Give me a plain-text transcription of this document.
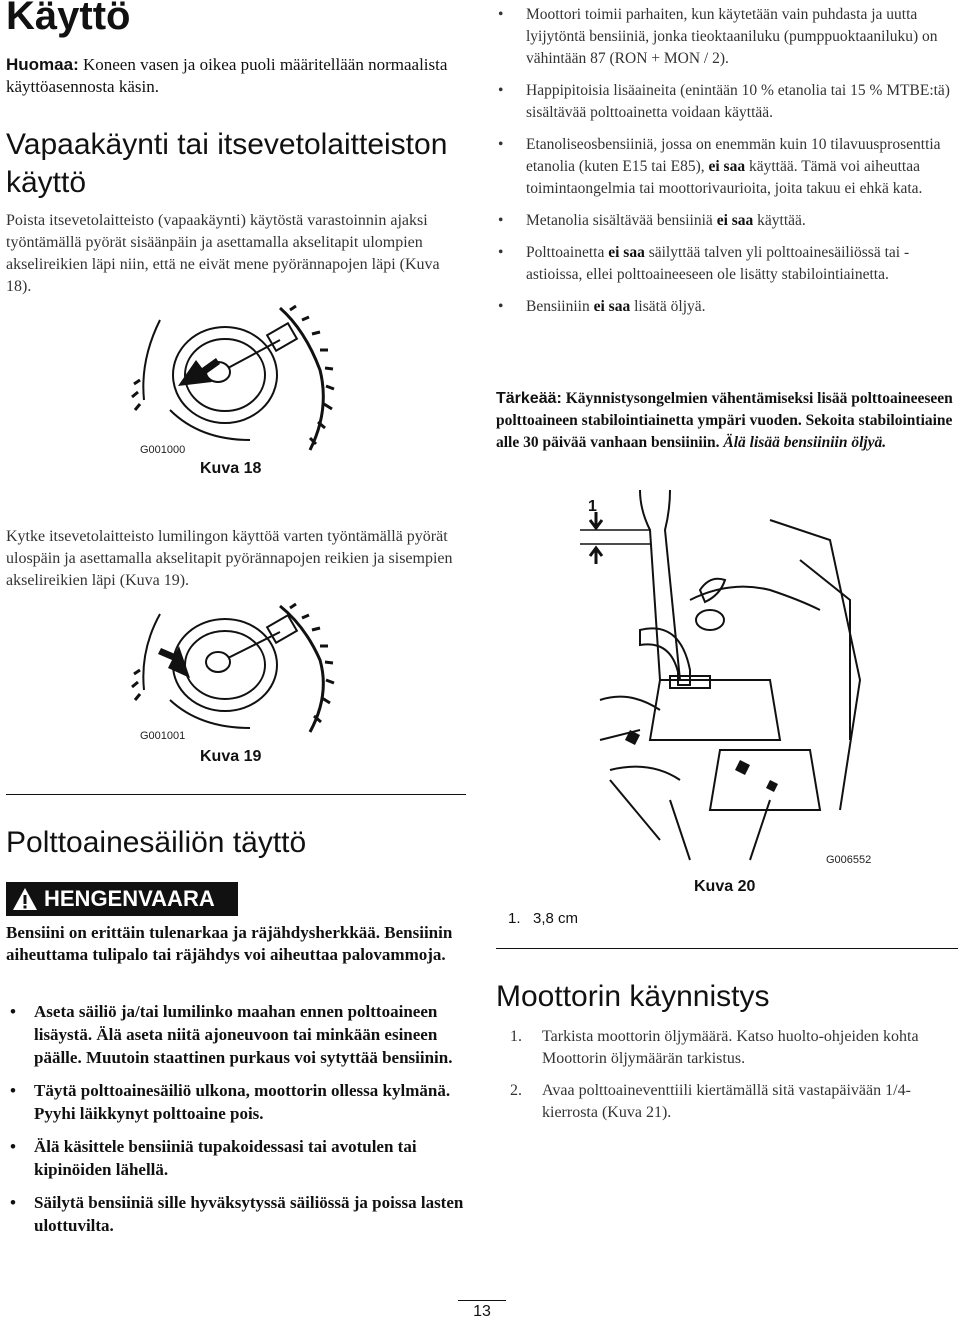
Käyttö
Huomaa: Koneen vasen ja oikea puoli määritellään normaalista käyttöasennosta käsin.
Vapaakäynti tai itsevetolaitteiston käyttö

Poista itsevetolaitteisto (vapaakäynti) käytöstä varastoinnin ajaksi työntämällä pyörät sisäänpäin ja asettamalla akselitapit ulompien akselireikien läpi niin, että ne eivät mene pyörännapojen läpi (Kuva 18).

G001000
Kuva 18

Kytke itsevetolaitteisto lumilingon käyttöä varten työntämällä pyörät ulospäin ja asettamalla akselitapit pyörännapojen reikien ja sisempien akselireikien läpi (Kuva 19).

G001001
Kuva 19
Polttoainesäiliön täyttö
HENGENVAARA
Bensiini on erittäin tulenarkaa ja räjähdysherkkää. Bensiinin aiheuttama tulipalo tai räjähdys voi aiheuttaa palovammoja.
• Aseta säiliö ja/tai lumilinko maahan ennen polttoaineen lisäystä. Älä aseta niitä ajoneuvoon tai minkään esineen päälle. Muutoin staattinen purkaus voi sytyttää bensiinin.
• Täytä polttoainesäiliö ulkona, moottorin ollessa kylmänä. Pyyhi läikkynyt polttoaine pois.
• Älä käsittele bensiiniä tupakoidessasi tai avotulen tai kipinöiden lähellä.
• Säilytä bensiiniä sille hyväksytyssä säiliössä ja poissa lasten ulottuvilta.
• Moottori toimii parhaiten, kun käytetään vain puhdasta ja uutta lyijytöntä bensiiniä, jonka tieoktaaniluku (pumppuoktaaniluku) on vähintään 87 (RON + MON / 2).
• Happipitoisia lisäaineita (enintään 10 % etanolia tai 15 % MTBE:tä) sisältävää polttoainetta voidaan käyttää.
• Etanoliseosbensiiniä, jossa on enemmän kuin 10 tilavuusprosenttia etanolia (kuten E15 tai E85), ei saa käyttää. Tämä voi aiheuttaa toimintaongelmia tai moottorivaurioita, joita takuu ei ehkä kata.
• Metanolia sisältävää bensiiniä ei saa käyttää.
• Polttoainetta ei saa säilyttää talven yli polttoainesäiliössä tai -astioissa, ellei polttoaineeseen ole lisätty stabilointiainetta.
• Bensiiniin ei saa lisätä öljyä.
Tärkeää: Käynnistysongelmien vähentämiseksi lisää polttoaineeseen polttoaineen stabilointiainetta ympäri vuoden. Sekoita stabilointiaine alle 30 päivää vanhaan bensiiniin. Älä lisää bensiiniin öljyä.
1
G006552
Kuva 20
1.   3,8 cm
Moottorin käynnistys
1. Tarkista moottorin öljymäärä. Katso huolto-ohjeiden kohta Moottorin öljymäärän tarkistus.
2. Avaa polttoaineventtiili kiertämällä sitä vastapäivään 1/4-kierrosta (Kuva 21).
13
